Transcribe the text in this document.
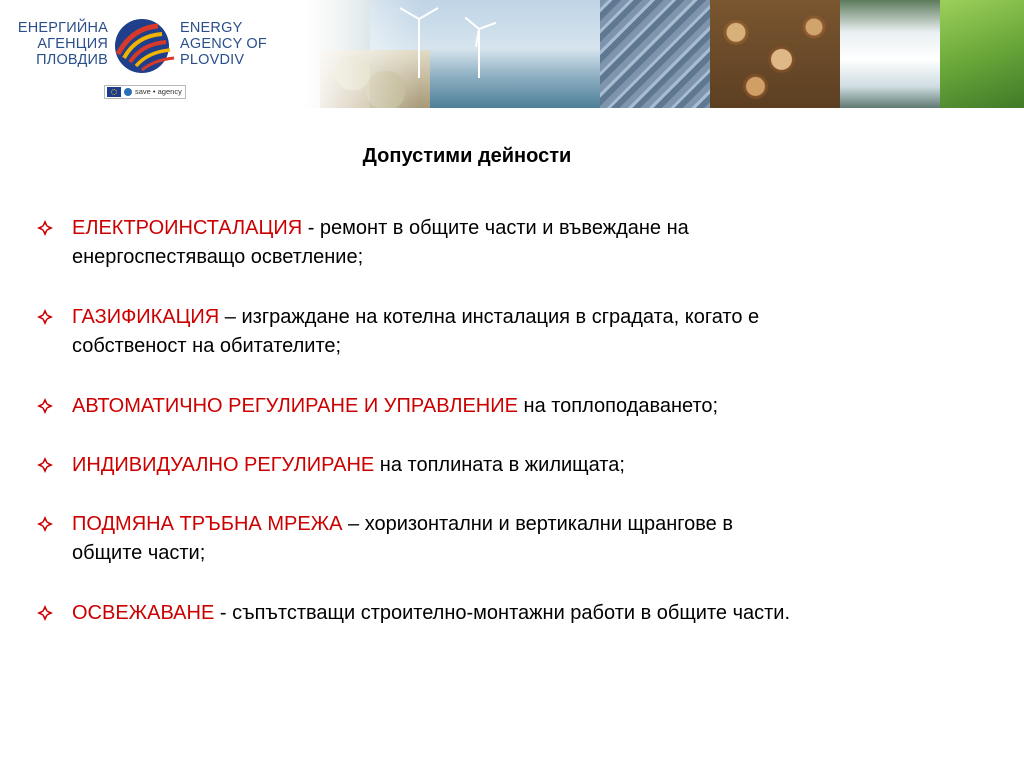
ЕНЕРГИЙНА
АГЕНЦИЯ
ПЛОВДИВ
ENERGY
AGENCY OF
PLOVDIV
save • agency
Допустими дейности
ЕЛЕКТРОИНСТАЛАЦИЯ - ремонт в общите части и въвеждане на
енергоспестяващо осветление;
ГАЗИФИКАЦИЯ – изграждане на котелна инсталация в сградата, когато е
собственост на обитателите;
АВТОМАТИЧНО РЕГУЛИРАНЕ И УПРАВЛЕНИЕ на топлоподаването;
ИНДИВИДУАЛНО РЕГУЛИРАНЕ на топлината в жилищата;
ПОДМЯНА ТРЪБНА МРЕЖА – хоризонтални и вертикални щрангове в
общите части;
ОСВЕЖАВАНЕ - съпътстващи строително-монтажни работи в общите части.
